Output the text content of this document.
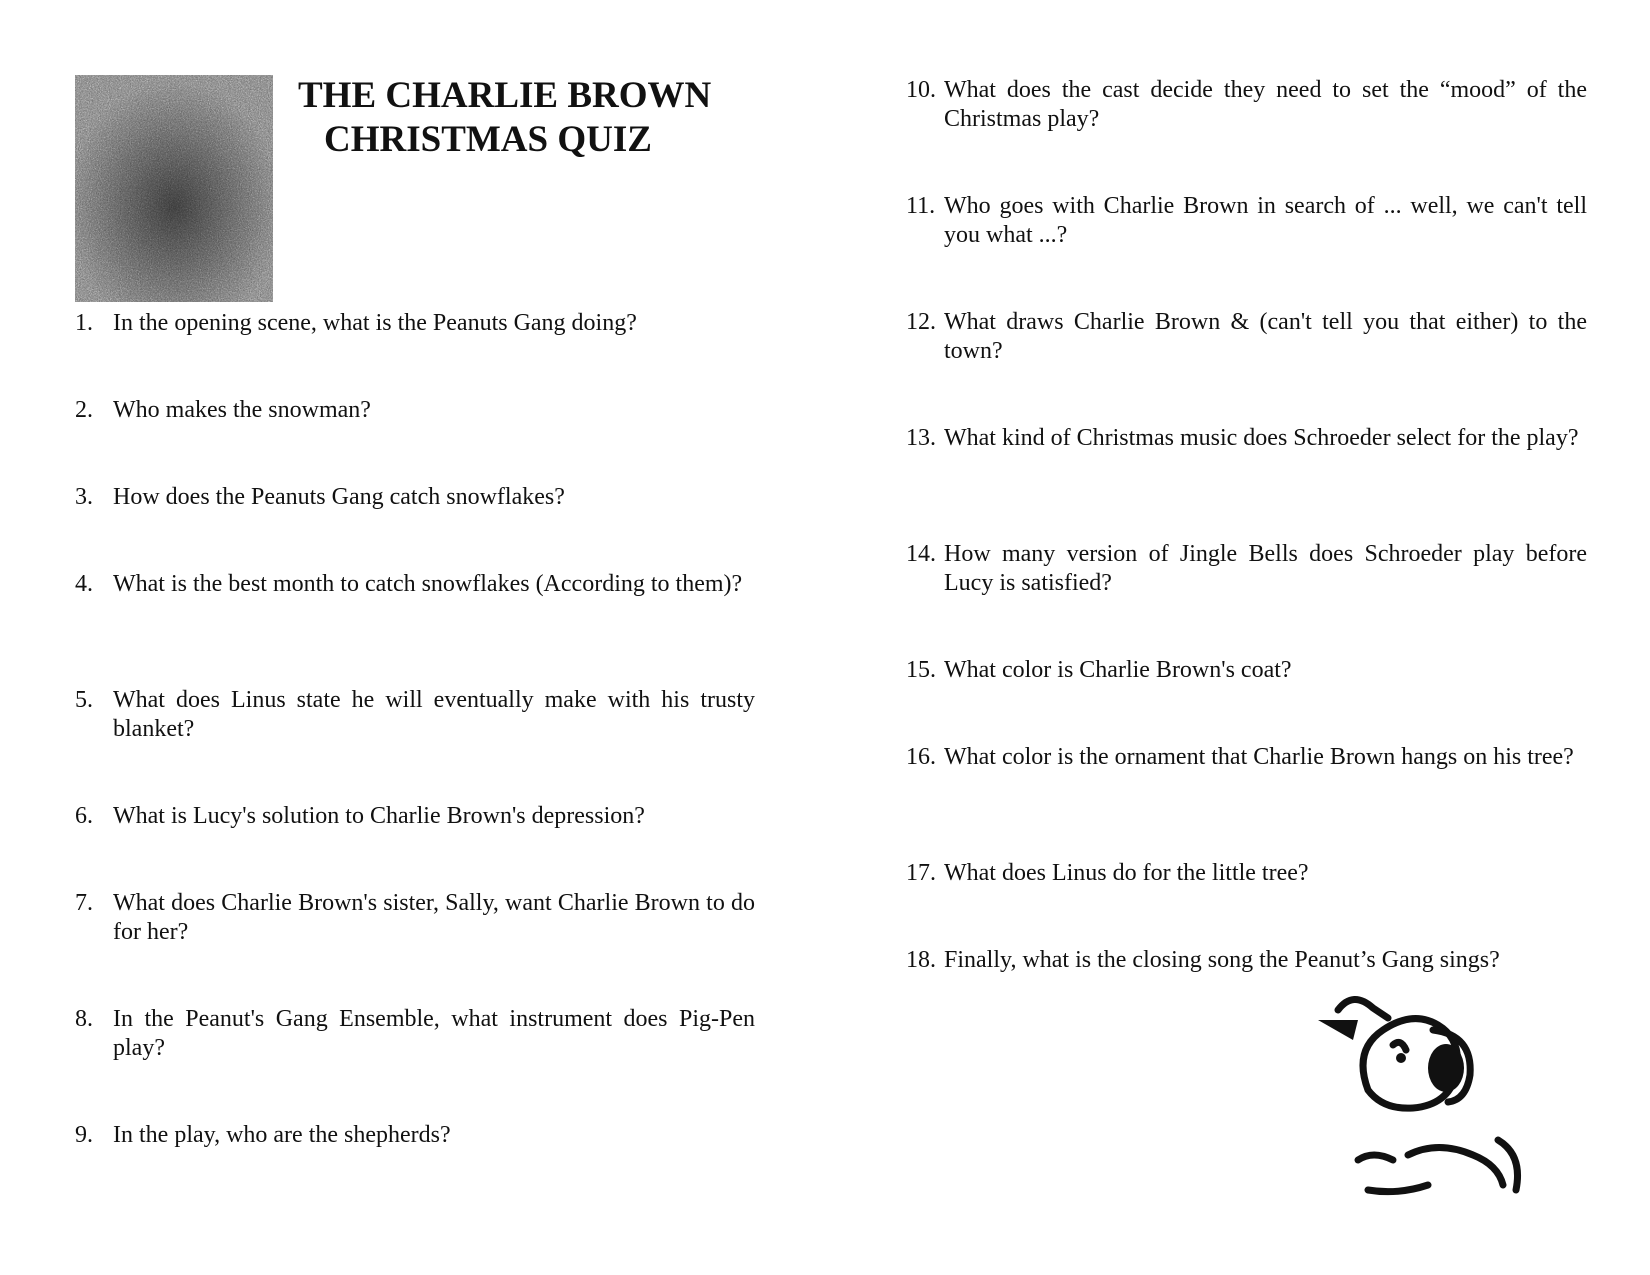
THE CHARLIE BROWN
CHRISTMAS QUIZ
1. In the opening scene, what is the Peanuts Gang doing?
2. Who makes the snowman?
3. How does the Peanuts Gang catch snowflakes?
4. What is the best month to catch snowflakes (According to them)?
5. What does Linus state he will eventually make with his trusty blanket?
6. What is Lucy's solution to Charlie Brown's depression?
7. What does Charlie Brown's sister, Sally, want Charlie Brown to do for her?
8. In the Peanut's Gang Ensemble, what instrument does Pig-Pen play?
9. In the play, who are the shepherds?
10. What does the cast decide they need to set the “mood” of the Christmas play?
11. Who goes with Charlie Brown in search of ... well, we can't tell you what ...?
12. What draws Charlie Brown & (can't tell you that either) to the town?
13. What kind of Christmas music does Schroeder select for the play?
14. How many version of Jingle Bells does Schroeder play before Lucy is satisfied?
15. What color is Charlie Brown's coat?
16. What color is the ornament that Charlie Brown hangs on his tree?
17. What does Linus do for the little tree?
18. Finally, what is the closing song the Peanut’s Gang sings?
